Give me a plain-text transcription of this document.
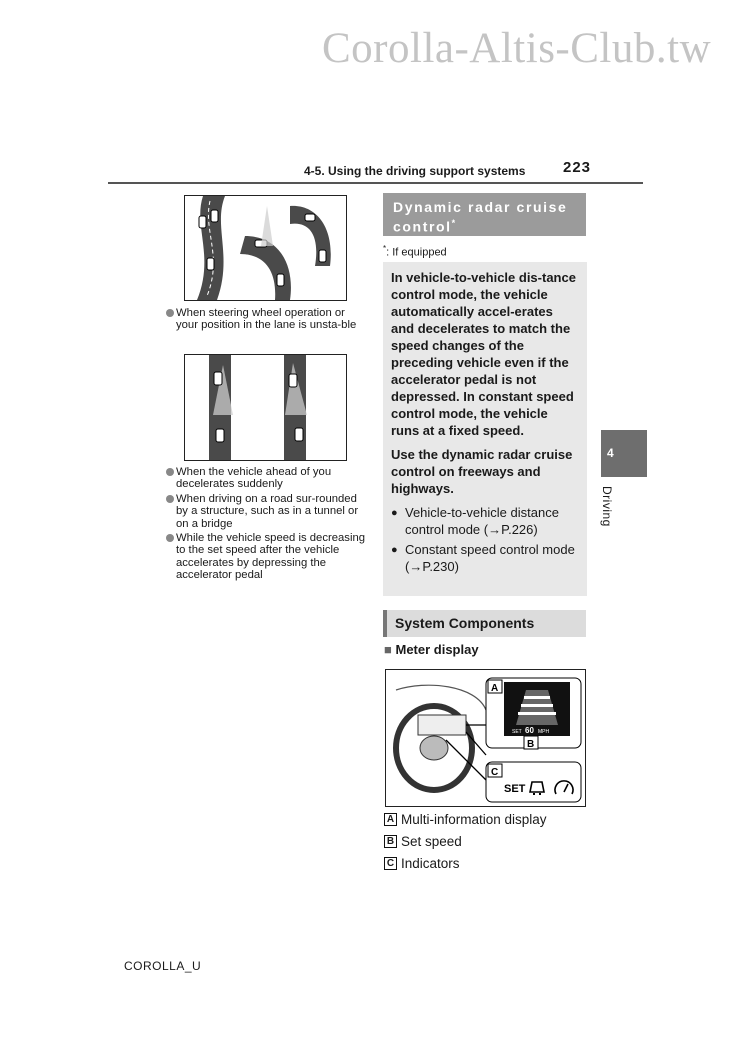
Corolla-Altis-Club.tw
4-5. Using the driving support systems	223
When steering wheel operation or your position in the lane is unsta-ble
When the vehicle ahead of you decelerates suddenly
When driving on a road sur-rounded by a structure, such as in a tunnel or on a bridge
While the vehicle speed is decreasing to the set speed after the vehicle accelerates by depressing the accelerator pedal
Dynamic radar cruise
control*
*: If equipped

In vehicle-to-vehicle dis-tance control mode, the vehicle automatically accel-erates and decelerates to match the speed changes of the preceding vehicle even if the accelerator pedal is not depressed. In constant speed control mode, the vehicle runs at a fixed speed.

Use the dynamic radar cruise control on freeways and highways.

● Vehicle-to-vehicle distance control mode (→P.226)
● Constant speed control mode (→P.230)
System Components
■ Meter display
SET 60 MPH
A
B
C
SET
A Multi-information display
B Set speed
C Indicators
4
Driving
COROLLA_U
